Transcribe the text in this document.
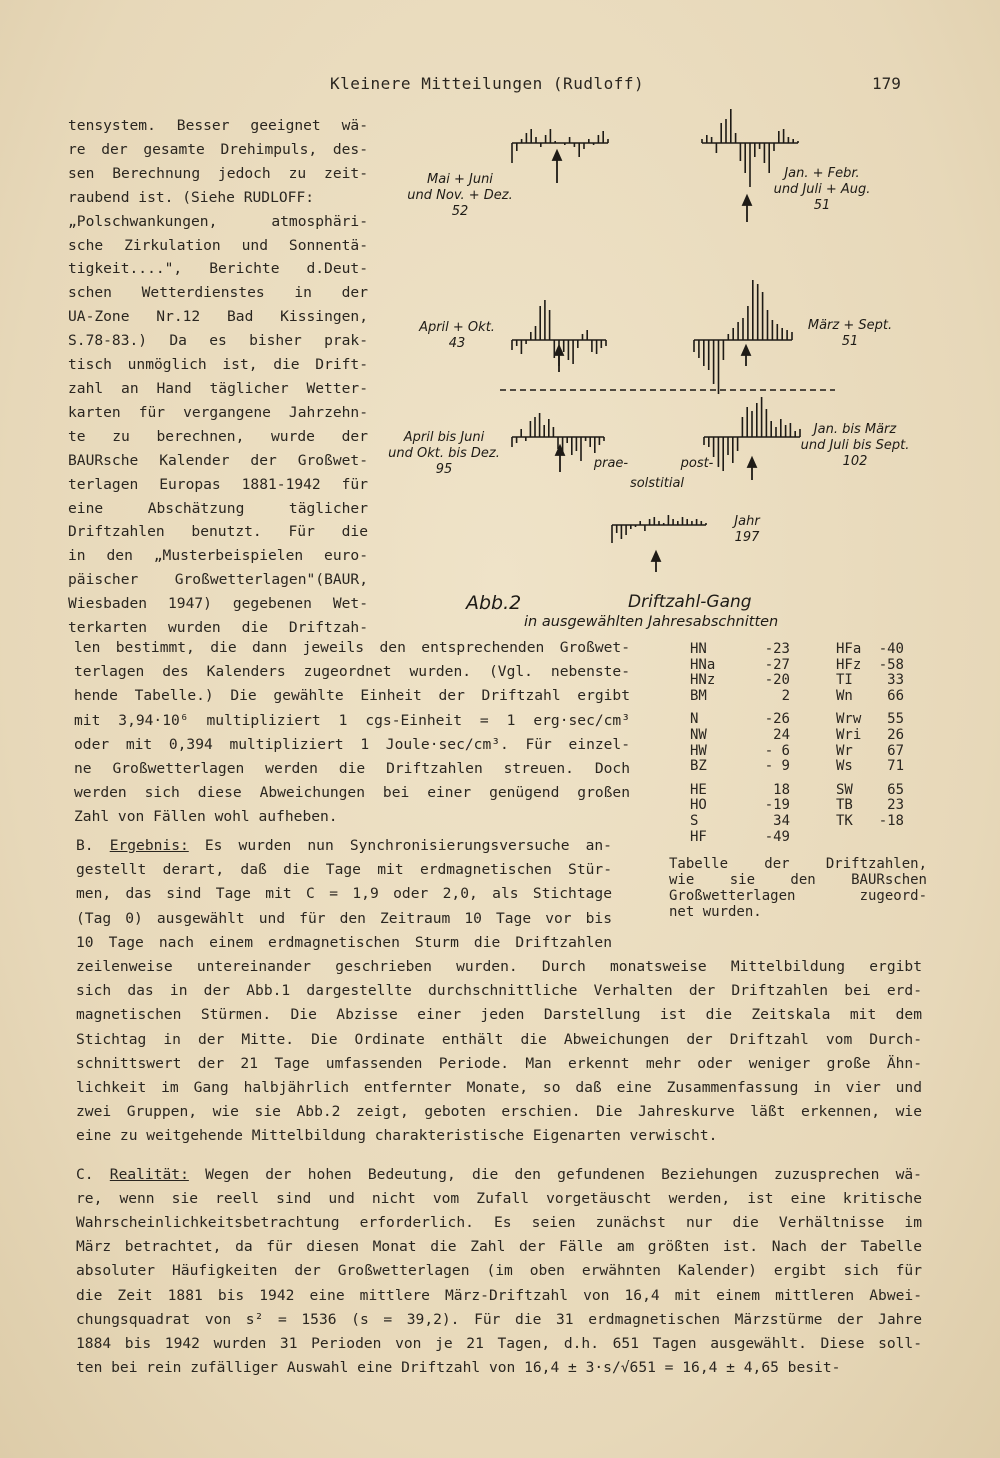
Kleinere Mitteilungen (Rudloff)	179
tensystem. Besser geeignet wä-
re der gesamte Drehimpuls, des-
sen Berechnung jedoch zu zeit-
raubend ist. (Siehe RUDLOFF:
„Polschwankungen, atmosphäri-
sche Zirkulation und Sonnentä-
tigkeit....", Berichte d.Deut-
schen Wetterdienstes in der
UA-Zone Nr.12 Bad Kissingen,
S.78-83.) Da es bisher prak-
tisch unmöglich ist, die Drift-
zahl an Hand täglicher Wetter-
karten für vergangene Jahrzehn-
te zu berechnen, wurde der
BAURsche Kalender der Großwet-
terlagen Europas 1881-1942 für
eine Abschätzung täglicher
Driftzahlen benutzt. Für die
in den „Musterbeispielen euro-
päischer Großwetterlagen"(BAUR,
Wiesbaden 1947) gegebenen Wet-
terkarten wurden die Driftzah-
Mai + Juni
und Nov. + Dez.
52
Jan. + Febr.
und Juli + Aug.
51
April + Okt.
43
März + Sept.
51
April bis Juni
und Okt. bis Dez.
95
Jan. bis März
und Juli bis Sept.
102
prae-	post-
solstitial
Jahr
197
Abb.2	Driftzahl-Gang
in ausgewählten Jahresabschnitten
len bestimmt, die dann jeweils den entsprechenden Großwet-
terlagen des Kalenders zugeordnet wurden. (Vgl. nebenste-
hende Tabelle.) Die gewählte Einheit der Driftzahl ergibt
mit 3,94·10⁶ multipliziert 1 cgs-Einheit = 1 erg·sec/cm³
oder mit 0,394 multipliziert 1 Joule·sec/cm³. Für einzel-
ne Großwetterlagen werden die Driftzahlen streuen. Doch
werden sich diese Abweichungen bei einer genügend großen
Zahl von Fällen wohl aufheben.
HN	-23	HFa	-40
HNa	-27	HFz	-58
HNz	-20	TI	33
BM	2	Wn	66
N	-26	Wrw	55
NW	24	Wri	26
HW	- 6	Wr	67
BZ	- 9	Ws	71
HE	18	SW	65
HO	-19	TB	23
S	34	TK	-18
HF	-49
Tabelle der Driftzahlen,
wie sie den BAURschen
Großwetterlagen zugeord-
net wurden.
B. Ergebnis: Es wurden nun Synchronisierungsversuche an-
gestellt derart, daß die Tage mit erdmagnetischen Stür-
men, das sind Tage mit C = 1,9 oder 2,0, als Stichtage
(Tag 0) ausgewählt und für den Zeitraum 10 Tage vor bis
10 Tage nach einem erdmagnetischen Sturm die Driftzahlen
zeilenweise untereinander geschrieben wurden. Durch monatsweise Mittelbildung ergibt
sich das in der Abb.1 dargestellte durchschnittliche Verhalten der Driftzahlen bei erd-
magnetischen Stürmen. Die Abzisse einer jeden Darstellung ist die Zeitskala mit dem
Stichtag in der Mitte. Die Ordinate enthält die Abweichungen der Driftzahl vom Durch-
schnittswert der 21 Tage umfassenden Periode. Man erkennt mehr oder weniger große Ähn-
lichkeit im Gang halbjährlich entfernter Monate, so daß eine Zusammenfassung in vier und
zwei Gruppen, wie sie Abb.2 zeigt, geboten erschien. Die Jahreskurve läßt erkennen, wie
eine zu weitgehende Mittelbildung charakteristische Eigenarten verwischt.
C. Realität: Wegen der hohen Bedeutung, die den gefundenen Beziehungen zuzusprechen wä-
re, wenn sie reell sind und nicht vom Zufall vorgetäuscht werden, ist eine kritische
Wahrscheinlichkeitsbetrachtung erforderlich. Es seien zunächst nur die Verhältnisse im
März betrachtet, da für diesen Monat die Zahl der Fälle am größten ist. Nach der Tabelle
absoluter Häufigkeiten der Großwetterlagen (im oben erwähnten Kalender) ergibt sich für
die Zeit 1881 bis 1942 eine mittlere März-Driftzahl von 16,4 mit einem mittleren Abwei-
chungsquadrat von s² = 1536 (s = 39,2). Für die 31 erdmagnetischen Märzstürme der Jahre
1884 bis 1942 wurden 31 Perioden von je 21 Tagen, d.h. 651 Tagen ausgewählt. Diese soll-
ten bei rein zufälliger Auswahl eine Driftzahl von 16,4 ± 3·s/√651 = 16,4 ± 4,65 besit-
